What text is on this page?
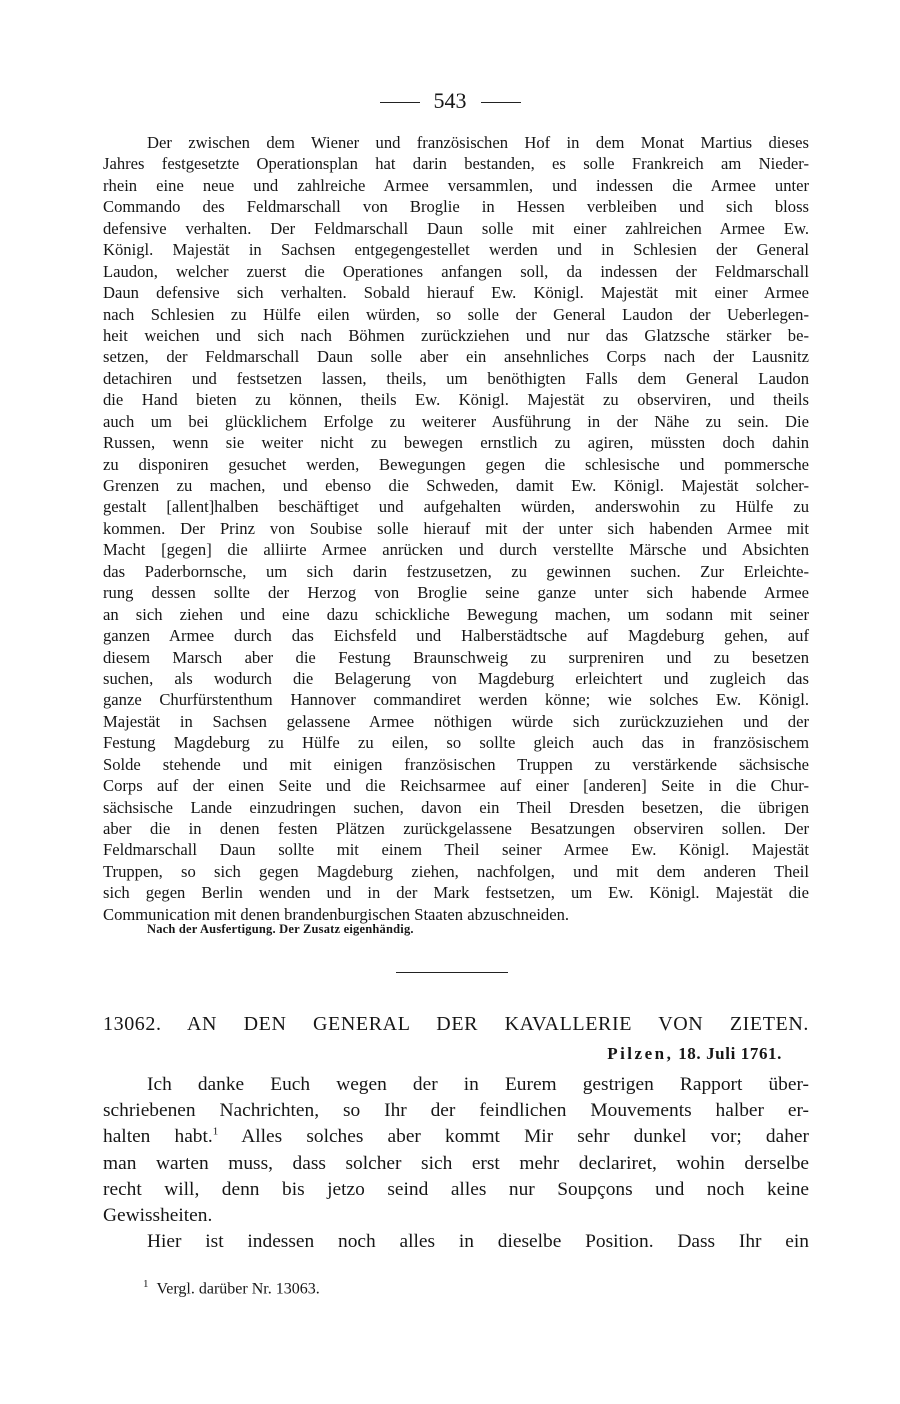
543
Der zwischen dem Wiener und französischen Hof in dem Monat Martius dieses
Jahres festgesetzte Operationsplan hat darin bestanden, es solle Frankreich am Nieder-
rhein eine neue und zahlreiche Armee versammlen, und indessen die Armee unter
Commando des Feldmarschall von Broglie in Hessen verbleiben und sich bloss
defensive verhalten. Der Feldmarschall Daun solle mit einer zahlreichen Armee Ew.
Königl. Majestät in Sachsen entgegengestellet werden und in Schlesien der General
Laudon, welcher zuerst die Operationes anfangen soll, da indessen der Feldmarschall
Daun defensive sich verhalten. Sobald hierauf Ew. Königl. Majestät mit einer Armee
nach Schlesien zu Hülfe eilen würden, so solle der General Laudon der Ueberlegen-
heit weichen und sich nach Böhmen zurückziehen und nur das Glatzsche stärker be-
setzen, der Feldmarschall Daun solle aber ein ansehnliches Corps nach der Lausnitz
detachiren und festsetzen lassen, theils, um benöthigten Falls dem General Laudon
die Hand bieten zu können, theils Ew. Königl. Majestät zu observiren, und theils
auch um bei glücklichem Erfolge zu weiterer Ausführung in der Nähe zu sein. Die
Russen, wenn sie weiter nicht zu bewegen ernstlich zu agiren, müssten doch dahin
zu disponiren gesuchet werden, Bewegungen gegen die schlesische und pommersche
Grenzen zu machen, und ebenso die Schweden, damit Ew. Königl. Majestät solcher-
gestalt [allent]halben beschäftiget und aufgehalten würden, anderswohin zu Hülfe zu
kommen. Der Prinz von Soubise solle hierauf mit der unter sich habenden Armee mit
Macht [gegen] die alliirte Armee anrücken und durch verstellte Märsche und Absichten
das Paderbornsche, um sich darin festzusetzen, zu gewinnen suchen. Zur Erleichte-
rung dessen sollte der Herzog von Broglie seine ganze unter sich habende Armee
an sich ziehen und eine dazu schickliche Bewegung machen, um sodann mit seiner
ganzen Armee durch das Eichsfeld und Halberstädtsche auf Magdeburg gehen, auf
diesem Marsch aber die Festung Braunschweig zu surpreniren und zu besetzen
suchen, als wodurch die Belagerung von Magdeburg erleichtert und zugleich das
ganze Churfürstenthum Hannover commandiret werden könne; wie solches Ew. Königl.
Majestät in Sachsen gelassene Armee nöthigen würde sich zurückzuziehen und der
Festung Magdeburg zu Hülfe zu eilen, so sollte gleich auch das in französischem
Solde stehende und mit einigen französischen Truppen zu verstärkende sächsische
Corps auf der einen Seite und die Reichsarmee auf einer [anderen] Seite in die Chur-
sächsische Lande einzudringen suchen, davon ein Theil Dresden besetzen, die übrigen
aber die in denen festen Plätzen zurückgelassene Besatzungen observiren sollen. Der
Feldmarschall Daun sollte mit einem Theil seiner Armee Ew. Königl. Majestät
Truppen, so sich gegen Magdeburg ziehen, nachfolgen, und mit dem anderen Theil
sich gegen Berlin wenden und in der Mark festsetzen, um Ew. Königl. Majestät die
Communication mit denen brandenburgischen Staaten abzuschneiden.
Nach der Ausfertigung. Der Zusatz eigenhändig.
13062. AN DEN GENERAL DER KAVALLERIE VON ZIETEN.
Pilzen, 18. Juli 1761.
Ich danke Euch wegen der in Eurem gestrigen Rapport über-
schriebenen Nachrichten, so Ihr der feindlichen Mouvements halber er-
halten habt.$^1$ Alles solches aber kommt Mir sehr dunkel vor; daher
man warten muss, dass solcher sich erst mehr declariret, wohin derselbe
recht will, denn bis jetzo seind alles nur Soupçons und noch keine
Gewissheiten.
Hier ist indessen noch alles in dieselbe Position. Dass Ihr ein
$^1$ Vergl. darüber Nr. 13063.
